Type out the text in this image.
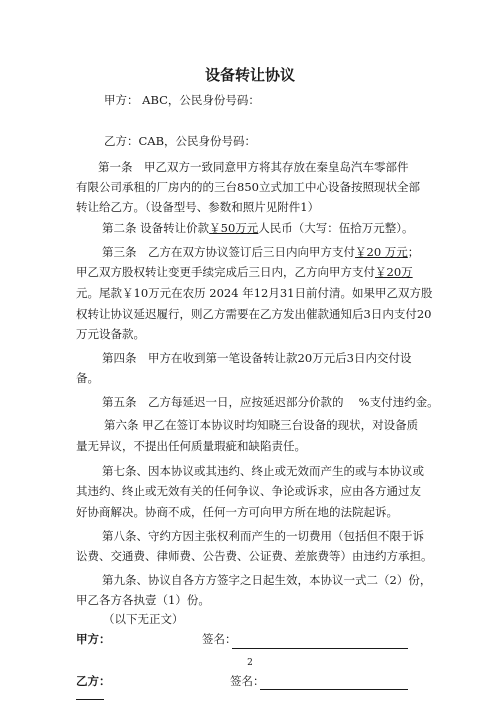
设备转让协议
甲方： ABC，公民身份号码：
乙方：CAB，公民身份号码：
第一条　甲乙双方一致同意甲方将其存放在秦皇岛汽车零部件
有限公司承租的厂房内的的三台850立式加工中心设备按照现状全部
转让给乙方。（设备型号、参数和照片见附件1）
第二条 设备转让价款￥50万元人民币（大写：伍拾万元整）。
第三条　乙方在双方协议签订后三日内向甲方支付￥20 万元；
甲乙双方股权转让变更手续完成后三日内，乙方向甲方支付￥20万
元。尾款￥10万元在农历 2024 年12月31日前付清。如果甲乙双方股
权转让协议延迟履行，则乙方需要在乙方发出催款通知后3日内支付20
万元设备款。
第四条　甲方在收到第一笔设备转让款20万元后3日内交付设
备。
第五条　乙方每延迟一日，应按延迟部分价款的　 %支付违约金。
第六条 甲乙在签订本协议时均知晓三台设备的现状，对设备质
量无异议，不提出任何质量瑕疵和缺陷责任。
第七条、因本协议或其违约、终止或无效而产生的或与本协议或
其违约、终止或无效有关的任何争议、争论或诉求，应由各方通过友
好协商解决。协商不成，任何一方可向甲方所在地的法院起诉。
第八条、守约方因主张权利而产生的一切费用（包括但不限于诉
讼费、交通费、律师费、公告费、公证费、差旅费等）由违约方承担。
第九条、协议自各方方签字之日起生效，本协议一式二（2）份，
甲乙各方各执壹（1）份。
（以下无正文）
甲方：	签名：
乙方：	签名：
2
